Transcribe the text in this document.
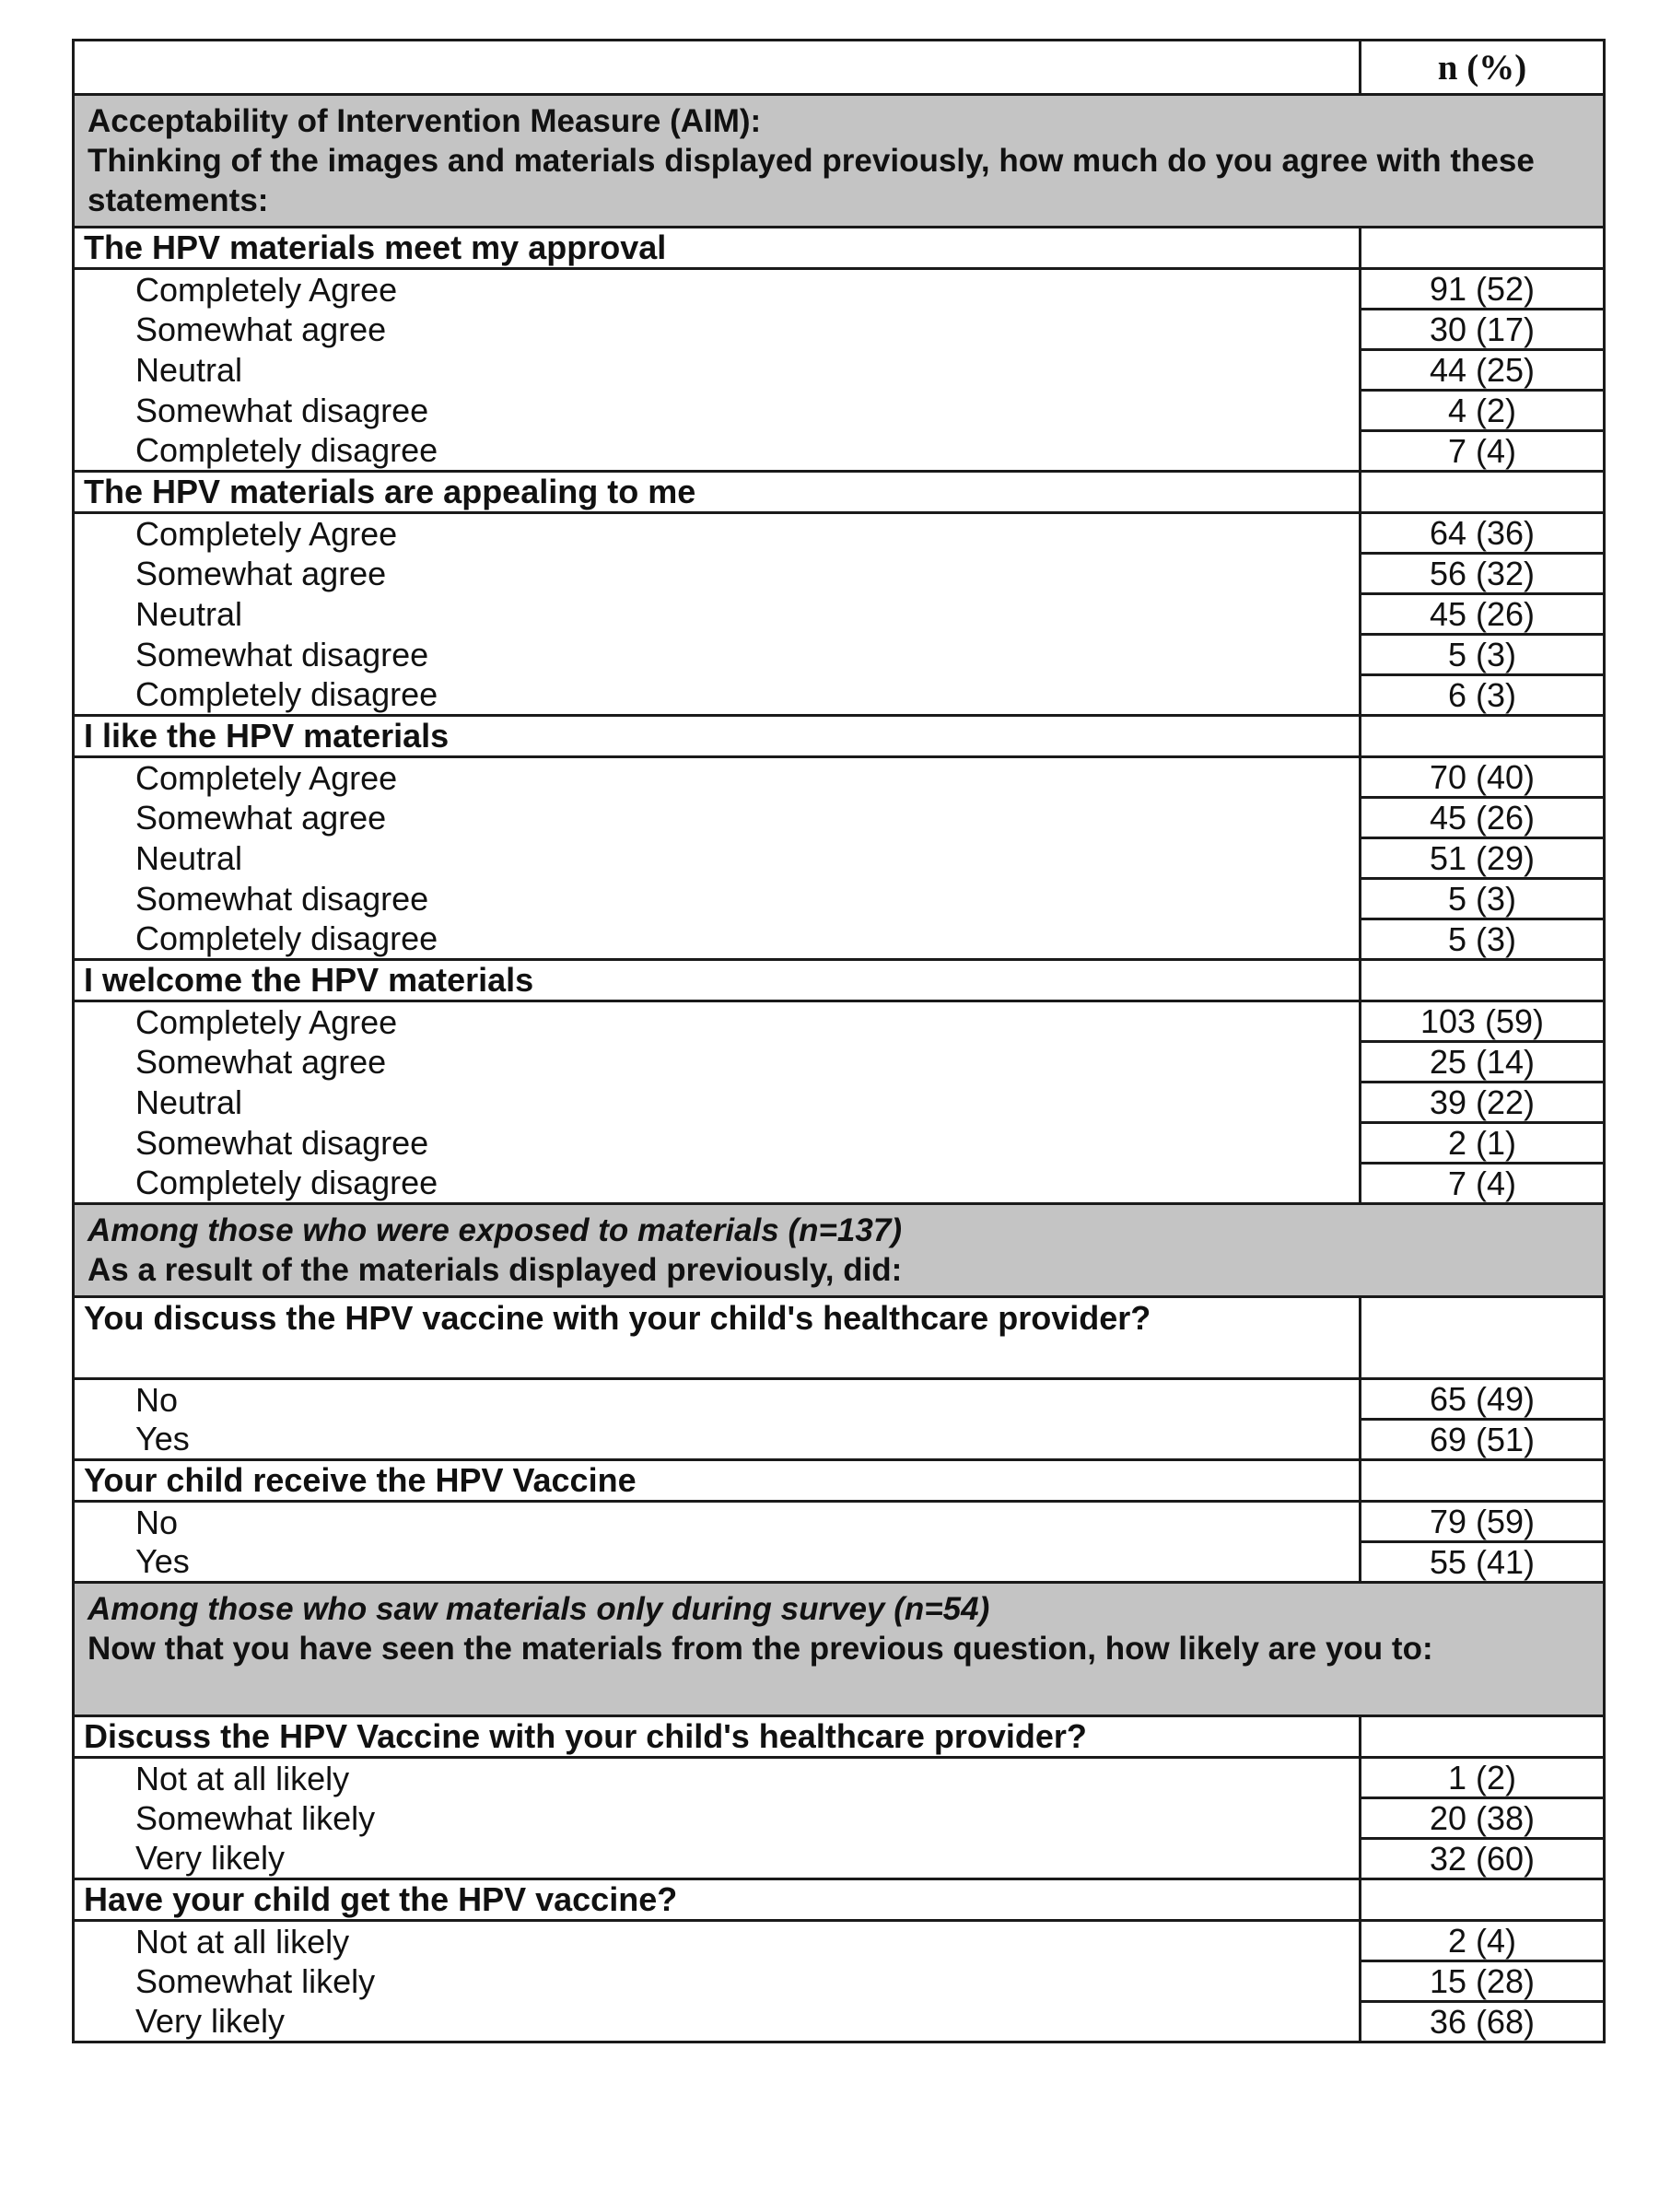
	n (%)

Acceptability of Intervention Measure (AIM):
Thinking of the images and materials displayed previously, how much do you agree with these statements:	

The HPV materials meet my approval	
Completely Agree	91 (52)
Somewhat agree	30 (17)
Neutral	44 (25)
Somewhat disagree	4 (2)
Completely disagree	7 (4)
The HPV materials are appealing to me	
Completely Agree	64 (36)
Somewhat agree	56 (32)
Neutral	45 (26)
Somewhat disagree	5 (3)
Completely disagree	6 (3)
I like the HPV materials	
Completely Agree	70 (40)
Somewhat agree	45 (26)
Neutral	51 (29)
Somewhat disagree	5 (3)
Completely disagree	5 (3)
I welcome the HPV materials	
Completely Agree	103 (59)
Somewhat agree	25 (14)
Neutral	39 (22)
Somewhat disagree	2 (1)
Completely disagree	7 (4)

Among those who were exposed to materials (n=137)
As a result of the materials displayed previously, did:	

You discuss the HPV vaccine with your child's healthcare provider?	
No	65 (49)
Yes	69 (51)
Your child receive the HPV Vaccine	
No	79 (59)
Yes	55 (41)

Among those who saw materials only during survey (n=54)
Now that you have seen the materials from the previous question, how likely are you to:	

Discuss the HPV Vaccine with your child's healthcare provider?	
Not at all likely	1 (2)
Somewhat likely	20 (38)
Very likely	32 (60)
Have your child get the HPV vaccine?	
Not at all likely	2 (4)
Somewhat likely	15 (28)
Very likely	36 (68)
